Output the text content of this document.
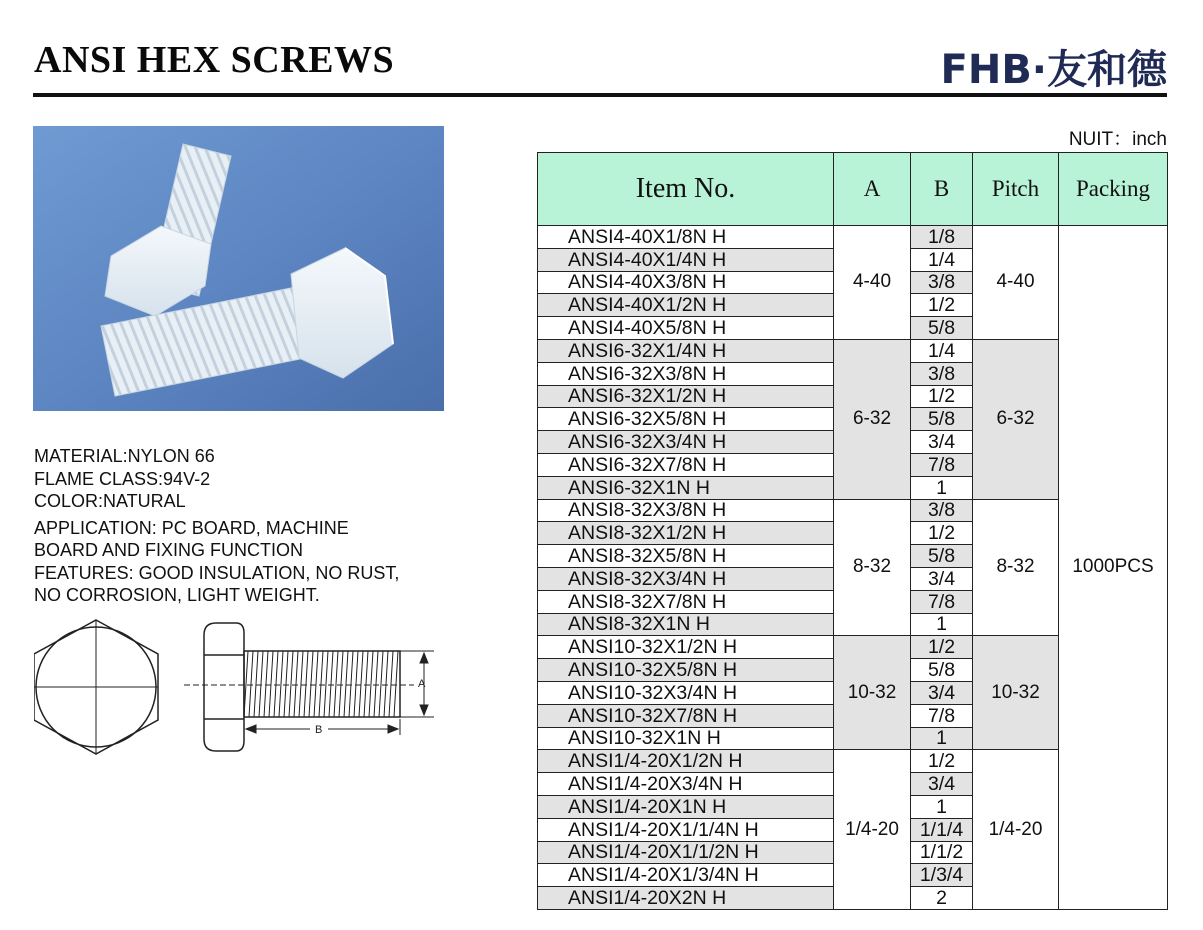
ANSI HEX SCREWS	FHB·友和德
NUIT：inch
MATERIAL:NYLON 66
FLAME CLASS:94V-2
COLOR:NATURAL
APPLICATION: PC BOARD, MACHINE
BOARD AND FIXING FUNCTION
FEATURES: GOOD INSULATION, NO RUST,
NO CORROSION, LIGHT WEIGHT.
A
B
Item No.	A	B	Pitch	Packing
ANSI4-40X1/8N H	4-40	1/8	4-40	1000PCS
ANSI4-40X1/4N H		1/4		
ANSI4-40X3/8N H		3/8		
ANSI4-40X1/2N H		1/2		
ANSI4-40X5/8N H		5/8		
ANSI6-32X1/4N H	6-32	1/4	6-32	
ANSI6-32X3/8N H		3/8		
ANSI6-32X1/2N H		1/2		
ANSI6-32X5/8N H		5/8		
ANSI6-32X3/4N H		3/4		
ANSI6-32X7/8N H		7/8		
ANSI6-32X1N H		1		
ANSI8-32X3/8N H	8-32	3/8	8-32	
ANSI8-32X1/2N H		1/2		
ANSI8-32X5/8N H		5/8		
ANSI8-32X3/4N H		3/4		
ANSI8-32X7/8N H		7/8		
ANSI8-32X1N H		1		
ANSI10-32X1/2N H	10-32	1/2	10-32	
ANSI10-32X5/8N H		5/8		
ANSI10-32X3/4N H		3/4		
ANSI10-32X7/8N H		7/8		
ANSI10-32X1N H		1		
ANSI1/4-20X1/2N H	1/4-20	1/2	1/4-20	
ANSI1/4-20X3/4N H		3/4		
ANSI1/4-20X1N H		1		
ANSI1/4-20X1/1/4N H		1/1/4		
ANSI1/4-20X1/1/2N H		1/1/2		
ANSI1/4-20X1/3/4N H		1/3/4		
ANSI1/4-20X2N H		2		
